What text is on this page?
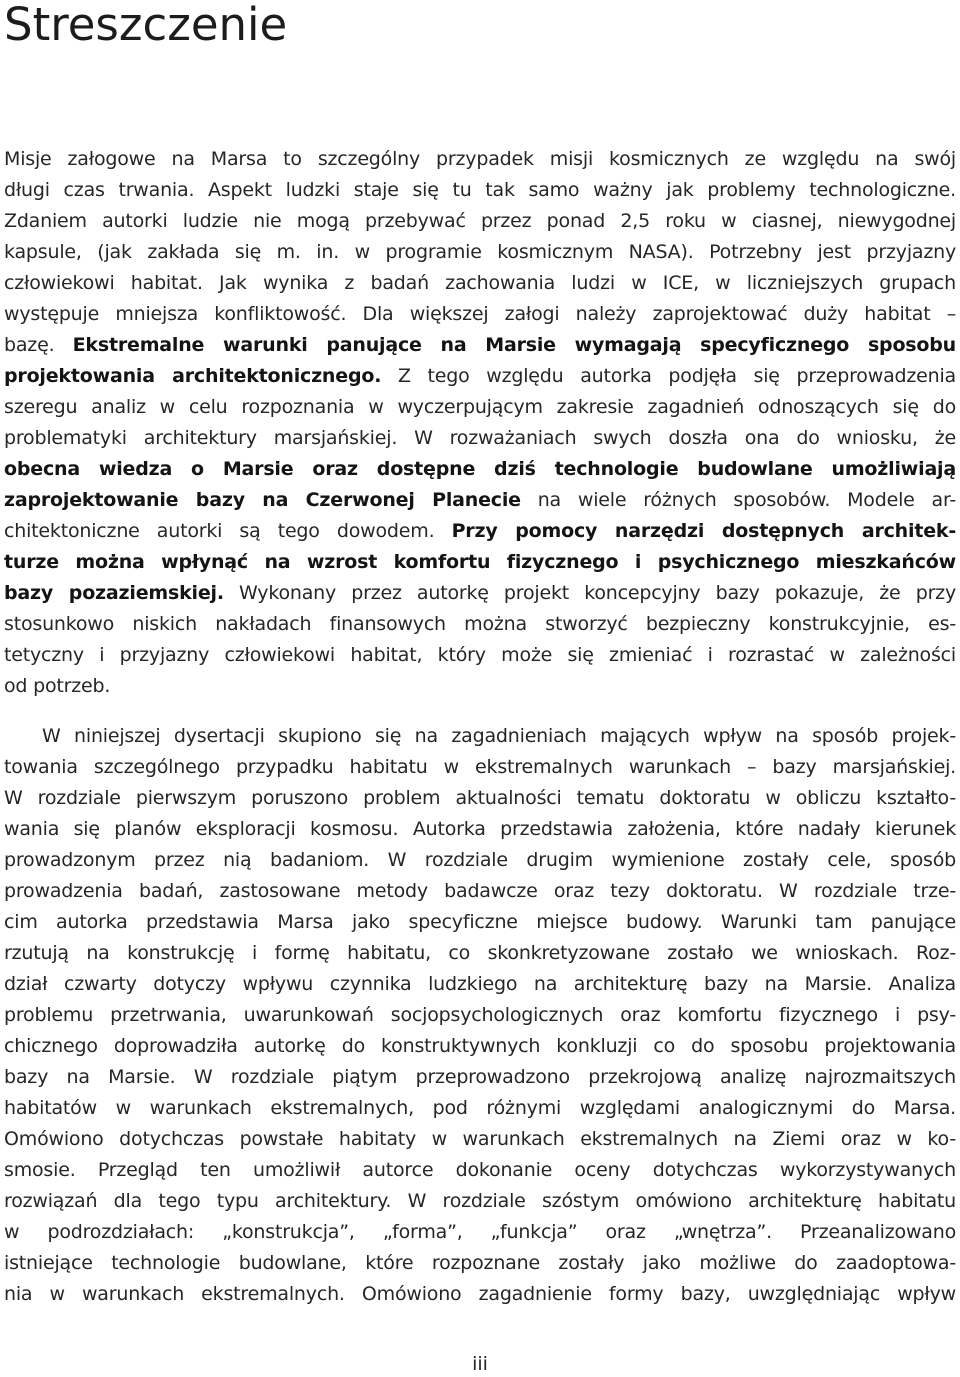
Streszczenie
Misje załogowe na Marsa to szczególny przypadek misji kosmicznych ze względu na swój
długi czas trwania. Aspekt ludzki staje się tu tak samo ważny jak problemy technologiczne.
Zdaniem autorki ludzie nie mogą przebywać przez ponad 2,5 roku w ciasnej, niewygodnej
kapsule, (jak zakłada się m. in. w programie kosmicznym NASA). Potrzebny jest przyjazny
człowiekowi habitat. Jak wynika z badań zachowania ludzi w ICE, w liczniejszych grupach
występuje mniejsza konfliktowość. Dla większej załogi należy zaprojektować duży habitat –
bazę. Ekstremalne warunki panujące na Marsie wymagają specyficznego sposobu
projektowania architektonicznego. Z tego względu autorka podjęła się przeprowadzenia
szeregu analiz w celu rozpoznania w wyczerpującym zakresie zagadnień odnoszących się do
problematyki architektury marsjańskiej. W rozważaniach swych doszła ona do wniosku, że
obecna wiedza o Marsie oraz dostępne dziś technologie budowlane umożliwiają
zaprojektowanie bazy na Czerwonej Planecie na wiele różnych sposobów. Modele ar-
chitektoniczne autorki są tego dowodem. Przy pomocy narzędzi dostępnych architek-
turze można wpłynąć na wzrost komfortu fizycznego i psychicznego mieszkańców
bazy pozaziemskiej. Wykonany przez autorkę projekt koncepcyjny bazy pokazuje, że przy
stosunkowo niskich nakładach finansowych można stworzyć bezpieczny konstrukcyjnie, es-
tetyczny i przyjazny człowiekowi habitat, który może się zmieniać i rozrastać w zależności
od potrzeb.
W niniejszej dysertacji skupiono się na zagadnieniach mających wpływ na sposób projek-
towania szczególnego przypadku habitatu w ekstremalnych warunkach – bazy marsjańskiej.
W rozdziale pierwszym poruszono problem aktualności tematu doktoratu w obliczu kształto-
wania się planów eksploracji kosmosu. Autorka przedstawia założenia, które nadały kierunek
prowadzonym przez nią badaniom. W rozdziale drugim wymienione zostały cele, sposób
prowadzenia badań, zastosowane metody badawcze oraz tezy doktoratu. W rozdziale trze-
cim autorka przedstawia Marsa jako specyficzne miejsce budowy. Warunki tam panujące
rzutują na konstrukcję i formę habitatu, co skonkretyzowane zostało we wnioskach. Roz-
dział czwarty dotyczy wpływu czynnika ludzkiego na architekturę bazy na Marsie. Analiza
problemu przetrwania, uwarunkowań socjopsychologicznych oraz komfortu fizycznego i psy-
chicznego doprowadziła autorkę do konstruktywnych konkluzji co do sposobu projektowania
bazy na Marsie. W rozdziale piątym przeprowadzono przekrojową analizę najrozmaitszych
habitatów w warunkach ekstremalnych, pod różnymi względami analogicznymi do Marsa.
Omówiono dotychczas powstałe habitaty w warunkach ekstremalnych na Ziemi oraz w ko-
smosie. Przegląd ten umożliwił autorce dokonanie oceny dotychczas wykorzystywanych
rozwiązań dla tego typu architektury. W rozdziale szóstym omówiono architekturę habitatu
w podrozdziałach: „konstrukcja”, „forma”, „funkcja” oraz „wnętrza”. Przeanalizowano
istniejące technologie budowlane, które rozpoznane zostały jako możliwe do zaadoptowa-
nia w warunkach ekstremalnych. Omówiono zagadnienie formy bazy, uwzględniając wpływ
iii
